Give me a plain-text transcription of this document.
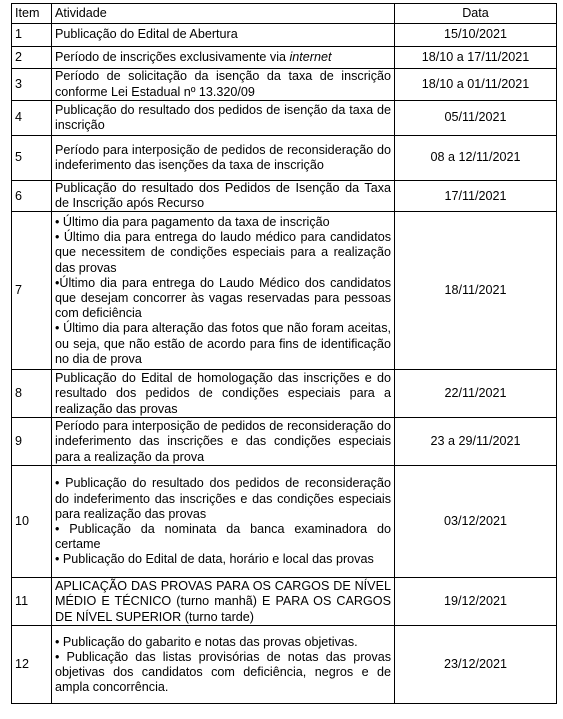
Item	Atividade	Data
1	Publicação do Edital de Abertura	15/10/2021
2	Período de inscrições exclusivamente via internet	18/10 a 17/11/2021
3	Período de solicitação da isenção da taxa de inscrição conforme Lei Estadual nº 13.320/09	18/10 a 01/11/2021
4	Publicação do resultado dos pedidos de isenção da taxa de inscrição	05/11/2021
5	Período para interposição de pedidos de reconsideração do indeferimento das isenções da taxa de inscrição	08 a 12/11/2021
6	Publicação do resultado dos Pedidos de Isenção da Taxa de Inscrição após Recurso	17/11/2021
7	• Último dia para pagamento da taxa de inscrição
• Último dia para entrega do laudo médico para candidatos que necessitem de condições especiais para a realização das provas
•Último dia para entrega do Laudo Médico dos candidatos que desejam concorrer às vagas reservadas para pessoas com deficiência
• Último dia para alteração das fotos que não foram aceitas, ou seja, que não estão de acordo para fins de identificação no dia de prova	18/11/2021
8	Publicação do Edital de homologação das inscrições e do resultado dos pedidos de condições especiais para a realização das provas	22/11/2021
9	Período para interposição de pedidos de reconsideração do indeferimento das inscrições e das condições especiais para a realização da prova	23 a 29/11/2021
10	• Publicação do resultado dos pedidos de reconsideração do indeferimento das inscrições e das condições especiais para realização das provas
• Publicação da nominata da banca examinadora do certame
• Publicação do Edital de data, horário e local das provas	03/12/2021
11	APLICAÇÃO DAS PROVAS PARA OS CARGOS DE NÍVEL MÉDIO E TÉCNICO (turno manhã) E PARA OS CARGOS DE NÍVEL SUPERIOR (turno tarde)	19/12/2021
12	• Publicação do gabarito e notas das provas objetivas.
• Publicação das listas provisórias de notas das provas objetivas dos candidatos com deficiência, negros e de ampla concorrência.	23/12/2021
